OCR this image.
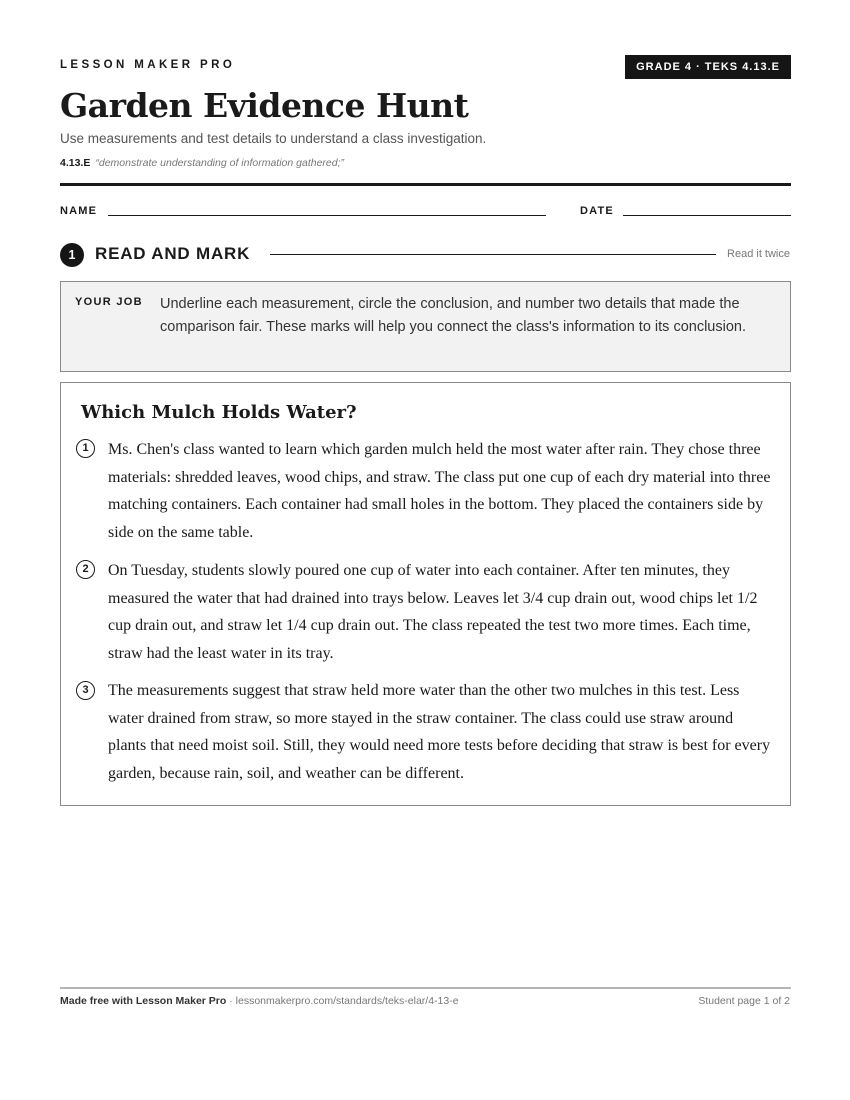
LESSON MAKER PRO	GRADE 4 · TEKS 4.13.E
Garden Evidence Hunt
Use measurements and test details to understand a class investigation.
4.13.E “demonstrate understanding of information gathered;”
NAME	DATE
1	READ AND MARK	Read it twice
YOUR JOB Underline each measurement, circle the conclusion, and number two details that made the comparison fair. These marks will help you connect the class's information to its conclusion.
Which Mulch Holds Water?
1	Ms. Chen's class wanted to learn which garden mulch held the most water after rain. They chose three materials: shredded leaves, wood chips, and straw. The class put one cup of each dry material into three matching containers. Each container had small holes in the bottom. They placed the containers side by side on the same table.
2	On Tuesday, students slowly poured one cup of water into each container. After ten minutes, they measured the water that had drained into trays below. Leaves let 3/4 cup drain out, wood chips let 1/2 cup drain out, and straw let 1/4 cup drain out. The class repeated the test two more times. Each time, straw had the least water in its tray.
3	The measurements suggest that straw held more water than the other two mulches in this test. Less water drained from straw, so more stayed in the straw container. The class could use straw around plants that need moist soil. Still, they would need more tests before deciding that straw is best for every garden, because rain, soil, and weather can be different.
Made free with Lesson Maker Pro · lessonmakerpro.com/standards/teks-elar/4-13-e	Student page 1 of 2
